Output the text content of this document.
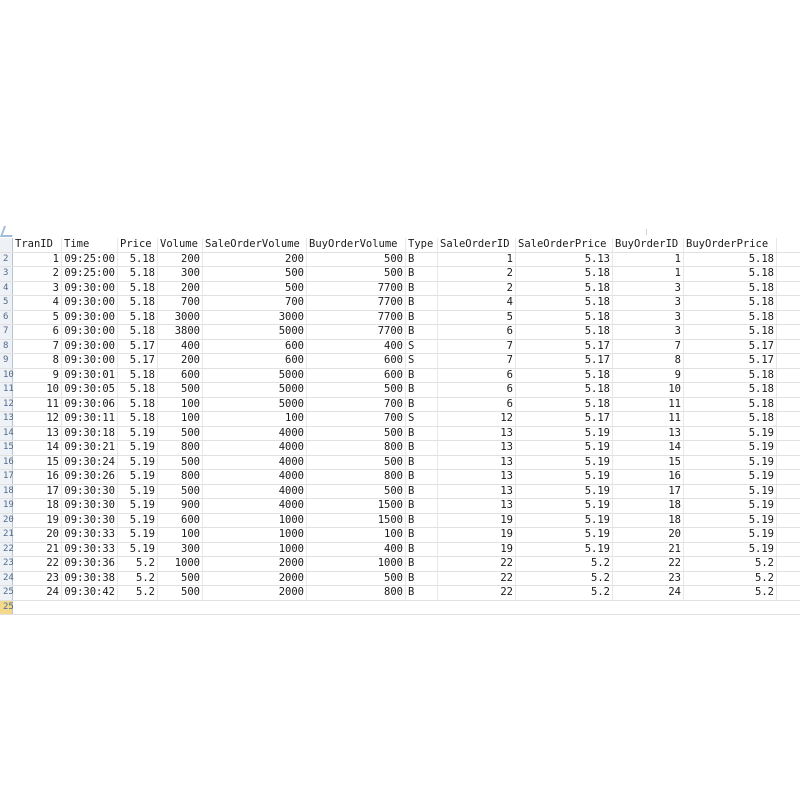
TranID	Time	Price Volume SaleOrderVolume BuyOrderVolume Type SaleOrderID SaleOrderPrice BuyOrderID BuyOrderPrice
2	1 09:25:00	5.18	200	200	500 B	1	5.13	1	5.18
3	2 09:25:00	5.18	300	500	500 B	2	5.18	1	5.18
4	3 09:30:00	5.18	200	500	7700 B	2	5.18	3	5.18
5	4 09:30:00	5.18	700	700	7700 B	4	5.18	3	5.18
6	5 09:30:00	5.18	3000	3000	7700 B	5	5.18	3	5.18
7	6 09:30:00	5.18	3800	5000	7700 B	6	5.18	3	5.18
8	7 09:30:00	5.17	400	600	400 S	7	5.17	7	5.17
9	8 09:30:00	5.17	200	600	600 S	7	5.17	8	5.17
10	9 09:30:01	5.18	600	5000	600 B	6	5.18	9	5.18
11	10 09:30:05	5.18	500	5000	500 B	6	5.18	10	5.18
12	11 09:30:06	5.18	100	5000	700 B	6	5.18	11	5.18
13	12 09:30:11	5.18	100	100	700 S	12	5.17	11	5.18
14	13 09:30:18	5.19	500	4000	500 B	13	5.19	13	5.19
15	14 09:30:21	5.19	800	4000	800 B	13	5.19	14	5.19
16	15 09:30:24	5.19	500	4000	500 B	13	5.19	15	5.19
17	16 09:30:26	5.19	800	4000	800 B	13	5.19	16	5.19
18	17 09:30:30	5.19	500	4000	500 B	13	5.19	17	5.19
19	18 09:30:30	5.19	900	4000	1500 B	13	5.19	18	5.19
20	19 09:30:30	5.19	600	1000	1500 B	19	5.19	18	5.19
21	20 09:30:33	5.19	100	1000	100 B	19	5.19	20	5.19
22	21 09:30:33	5.19	300	1000	400 B	19	5.19	21	5.19
23	22 09:30:36	5.2	1000	2000	1000 B	22	5.2	22	5.2
24	23 09:30:38	5.2	500	2000	500 B	22	5.2	23	5.2
25	24 09:30:42	5.2	500	2000	800 B	22	5.2	24	5.2
25
